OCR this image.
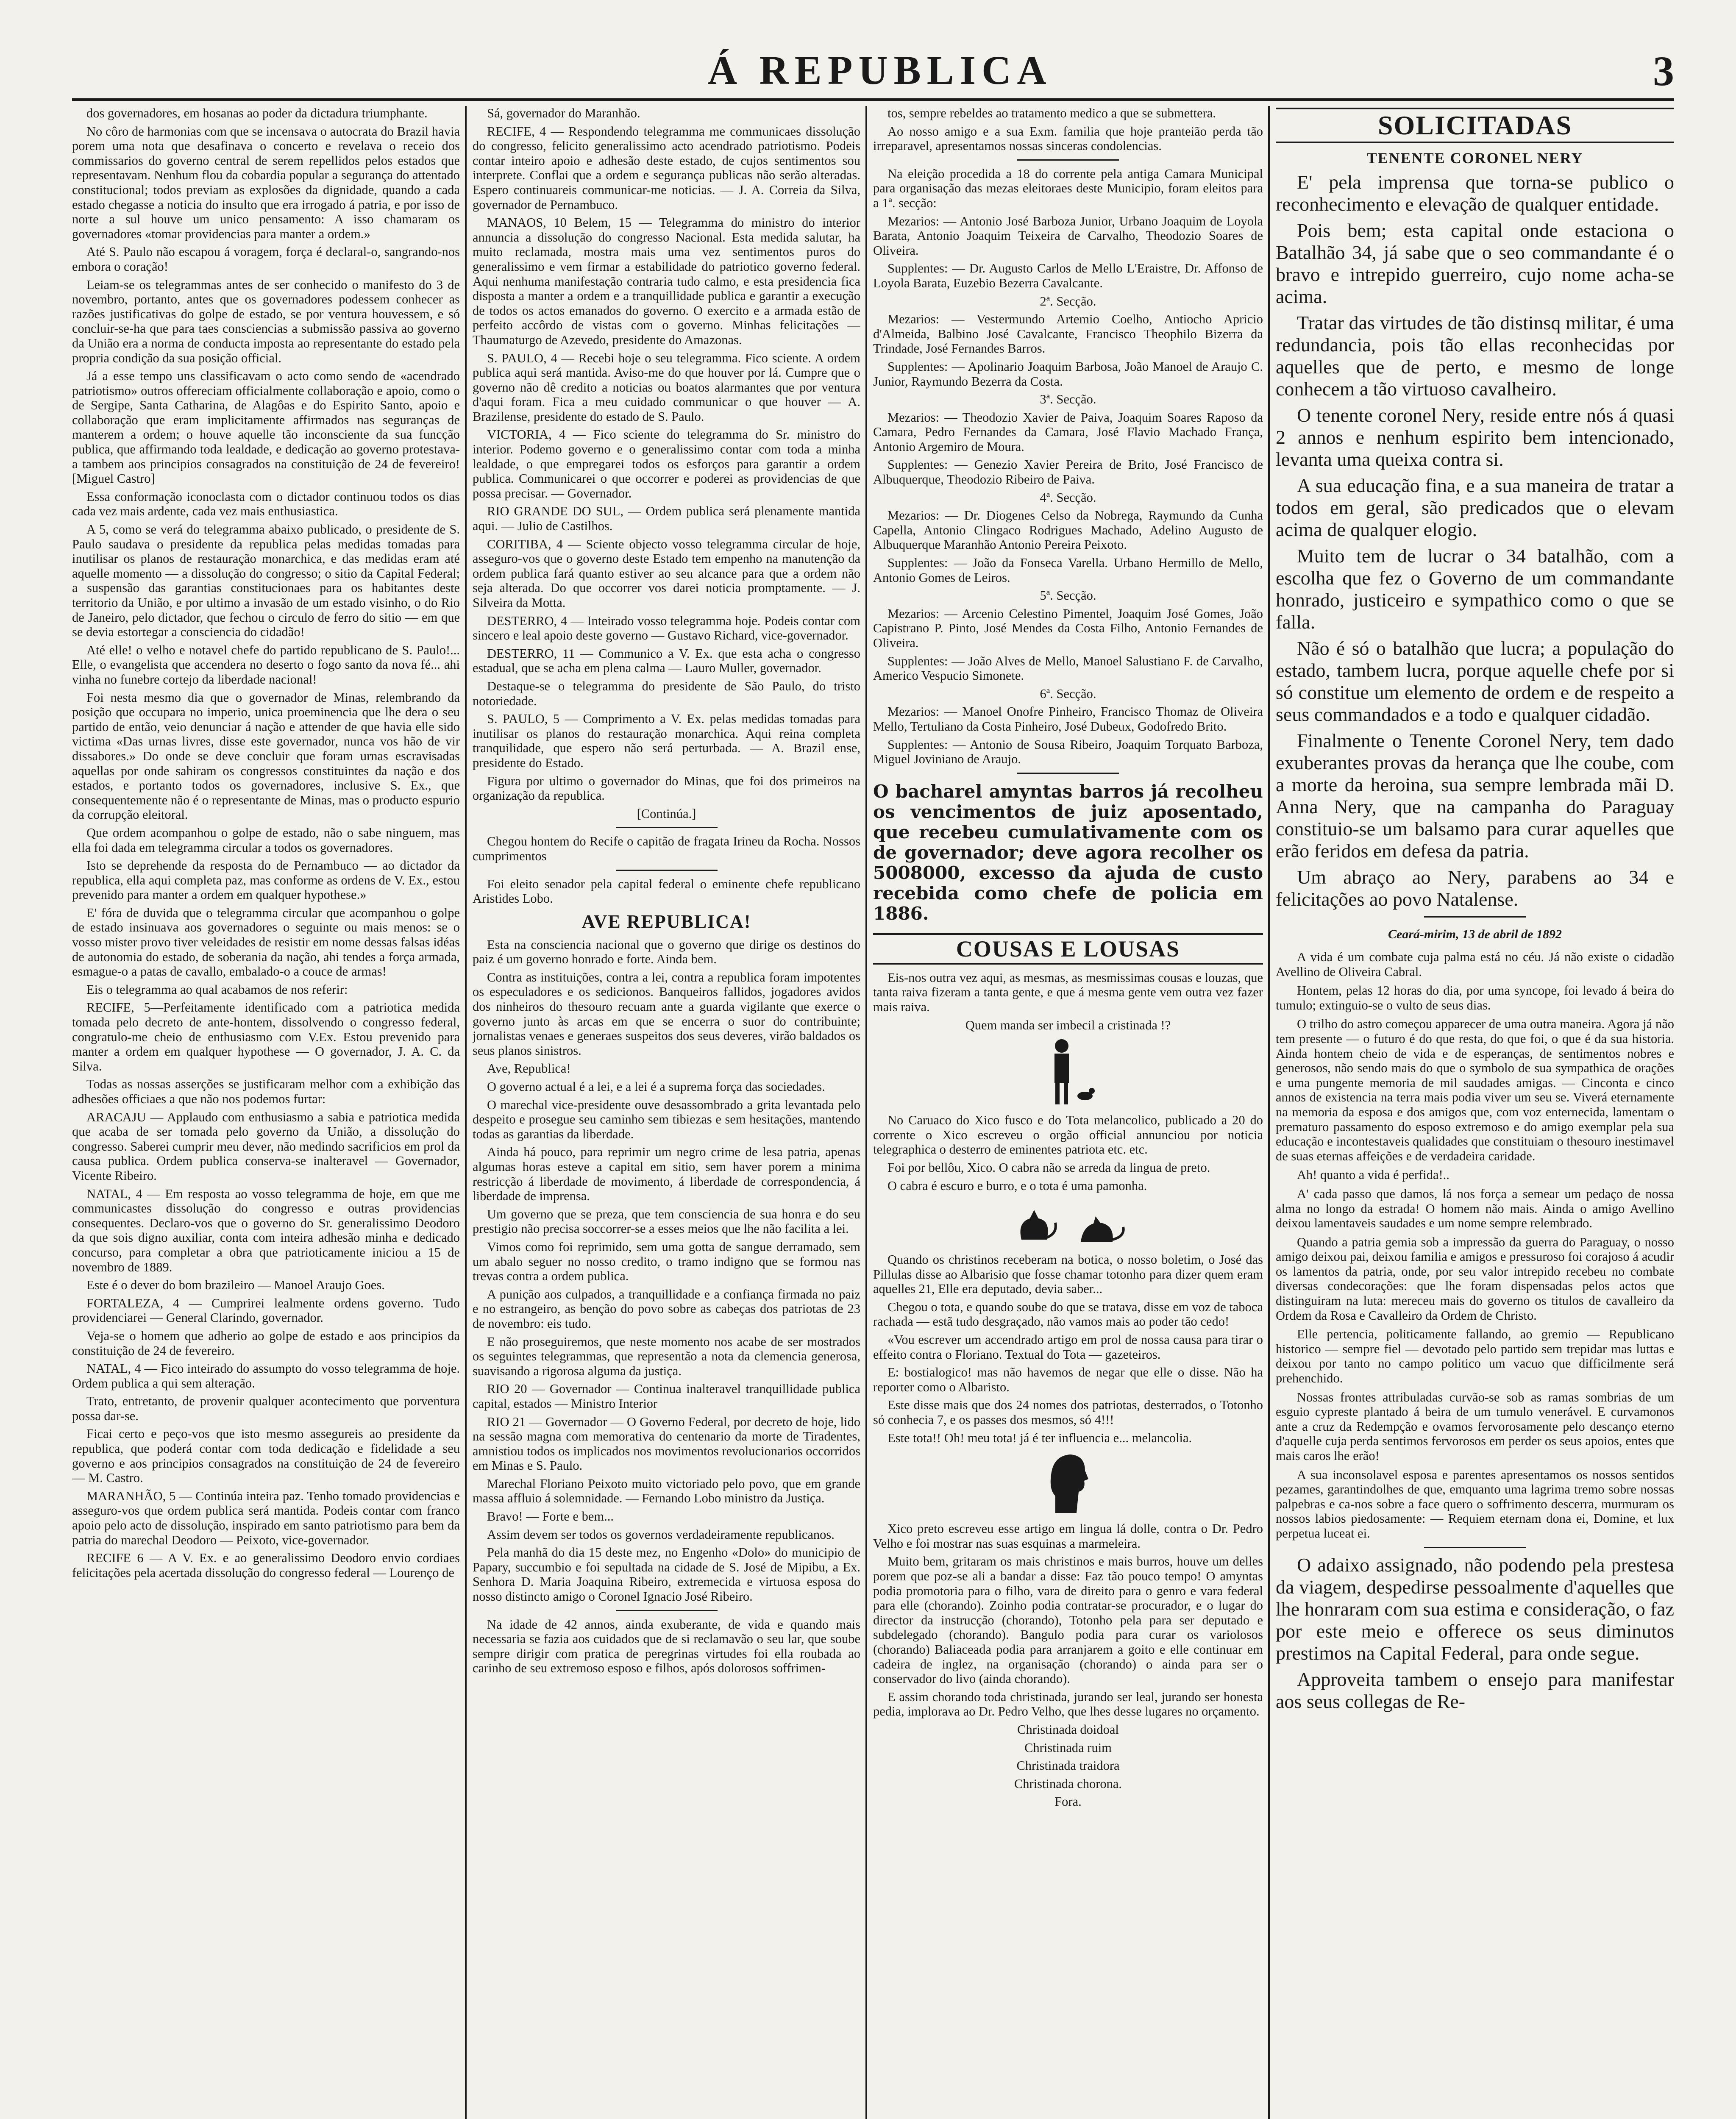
Á REPUBLICA	3

dos governadores, em hosanas ao poder da dictadura triumphante.

No côro de harmonias com que se incensava o autocrata do Brazil havia porem uma nota que desafinava o concerto e revelava o receio dos commissarios do governo central de serem repellidos pelos estados que representavam. Nenhum flou da cobardia popular a segurança do attentado constitucional; todos previam as explosões da dignidade, quando a cada estado chegasse a noticia do insulto que era irrogado á patria, e por isso de norte a sul houve um unico pensamento: A isso chamaram os governadores «tomar providencias para manter a ordem.»

Até S. Paulo não escapou á voragem, força é declaral-o, sangrando-nos embora o coração!

Leiam-se os telegrammas antes de ser conhecido o manifesto do 3 de novembro, portanto, antes que os governadores podessem conhecer as razões justificativas do golpe de estado, se por ventura houvessem, e só concluir-se-ha que para taes consciencias a submissão passiva ao governo da União era a norma de conducta imposta ao representante do estado pela propria condição da sua posição official.

Já a esse tempo uns classificavam o acto como sendo de «acendrado patriotismo» outros offereciam officialmente collaboração e apoio, como o de Sergipe, Santa Catharina, de Alagôas e do Espirito Santo, apoio e collaboração que eram implicitamente affirmados nas seguranças de manterem a ordem; o houve aquelle tão inconsciente da sua funcção publica, que affirmando toda lealdade, e dedicação ao governo protestava-a tambem aos principios consagrados na constituição de 24 de fevereiro! [Miguel Castro]

Essa conformação iconoclasta com o dictador continuou todos os dias cada vez mais ardente, cada vez mais enthusiastica.

A 5, como se verá do telegramma abaixo publicado, o presidente de S. Paulo saudava o presidente da republica pelas medidas tomadas para inutilisar os planos de restauração monarchica, e das medidas eram até aquelle momento — a dissolução do congresso; o sitio da Capital Federal; a suspensão das garantias constitucionaes para os habitantes deste territorio da União, e por ultimo a invasão de um estado visinho, o do Rio de Janeiro, pelo dictador, que fechou o circulo de ferro do sitio — em que se devia estortegar a consciencia do cidadão!

Até elle! o velho e notavel chefe do partido republicano de S. Paulo!... Elle, o evangelista que accendera no deserto o fogo santo da nova fé... ahi vinha no funebre cortejo da liberdade nacional!

Foi nesta mesmo dia que o governador de Minas, relembrando da posição que occupara no imperio, unica proeminencia que lhe dera o seu partido de então, veio denunciar á nação e attender de que havia elle sido victima «Das urnas livres, disse este governador, nunca vos hão de vir dissabores.» Do onde se deve concluir que foram urnas escravisadas aquellas por onde sahiram os congressos constituintes da nação e dos estados, e portanto todos os governadores, inclusive S. Ex., que consequentemente não é o representante de Minas, mas o producto espurio da corrupção eleitoral.

Que ordem acompanhou o golpe de estado, não o sabe ninguem, mas ella foi dada em telegramma circular a todos os governadores.

Isto se deprehende da resposta do de Pernambuco — ao dictador da republica, ella aqui completa paz, mas conforme as ordens de V. Ex., estou prevenido para manter a ordem em qualquer hypothese.»

E' fóra de duvida que o telegramma circular que acompanhou o golpe de estado insinuava aos governadores o seguinte ou mais menos: se o vosso mister provo tiver veleidades de resistir em nome dessas falsas idéas de autonomia do estado, de soberania da nação, ahi tendes a força armada, esmague-o a patas de cavallo, embalado-o a couce de armas!

Eis o telegramma ao qual acabamos de nos referir:

RECIFE, 5—Perfeitamente identificado com a patriotica medida tomada pelo decreto de ante-hontem, dissolvendo o congresso federal, congratulo-me cheio de enthusiasmo com V.Ex. Estou prevenido para manter a ordem em qualquer hypothese — O governador, J. A. C. da Silva.

Todas as nossas asserções se justificaram melhor com a exhibição das adhesões officiaes a que não nos podemos furtar:

ARACAJU — Applaudo com enthusiasmo a sabia e patriotica medida que acaba de ser tomada pelo governo da União, a dissolução do congresso. Saberei cumprir meu dever, não medindo sacrificios em prol da causa publica. Ordem publica conserva-se inalteravel — Governador, Vicente Ribeiro.

NATAL, 4 — Em resposta ao vosso telegramma de hoje, em que me communicastes dissolução do congresso e outras providencias consequentes. Declaro-vos que o governo do Sr. generalissimo Deodoro da que sois digno auxiliar, conta com inteira adhesão minha e dedicado concurso, para completar a obra que patrioticamente iniciou a 15 de novembro de 1889.

Este é o dever do bom brazileiro — Manoel Araujo Goes.

FORTALEZA, 4 — Cumprirei lealmente ordens governo. Tudo providenciarei — General Clarindo, governador.

Veja-se o homem que adherio ao golpe de estado e aos principios da constituição de 24 de fevereiro.

NATAL, 4 — Fico inteirado do assumpto do vosso telegramma de hoje. Ordem publica a qui sem alteração.

Trato, entretanto, de provenir qualquer acontecimento que porventura possa dar-se.

Ficai certo e peço-vos que isto mesmo assegureis ao presidente da republica, que poderá contar com toda dedicação e fidelidade a seu governo e aos principios consagrados na constituição de 24 de fevereiro — M. Castro.

MARANHÃO, 5 — Continúa inteira paz. Tenho tomado providencias e asseguro-vos que ordem publica será mantida. Podeis contar com franco apoio pelo acto de dissolução, inspirado em santo patriotismo para bem da patria do marechal Deodoro — Peixoto, vice-governador.

RECIFE 6 — A V. Ex. e ao generalissimo Deodoro envio cordiaes felicitações pela acertada dissolução do congresso federal — Lourenço de

Sá, governador do Maranhão.

RECIFE, 4 — Respondendo telegramma me communicaes dissolução do congresso, felicito generalissimo acto acendrado patriotismo. Podeis contar inteiro apoio e adhesão deste estado, de cujos sentimentos sou interprete. Conflai que a ordem e segurança publicas não serão alteradas. Espero continuareis communicar-me noticias. — J. A. Correia da Silva, governador de Pernambuco.

MANAOS, 10 Belem, 15 — Telegramma do ministro do interior annuncia a dissolução do congresso Nacional. Esta medida salutar, ha muito reclamada, mostra mais uma vez sentimentos puros do generalissimo e vem firmar a estabilidade do patriotico governo federal. Aqui nenhuma manifestação contraria tudo calmo, e esta presidencia fica disposta a manter a ordem e a tranquillidade publica e garantir a execução de todos os actos emanados do governo. O exercito e a armada estão de perfeito accôrdo de vistas com o governo. Minhas felicitações — Thaumaturgo de Azevedo, presidente do Amazonas.

S. PAULO, 4 — Recebi hoje o seu telegramma. Fico sciente. A ordem publica aqui será mantida. Aviso-me do que houver por lá. Cumpre que o governo não dê credito a noticias ou boatos alarmantes que por ventura d'aqui foram. Fica a meu cuidado communicar o que houver — A. Brazilense, presidente do estado de S. Paulo.

VICTORIA, 4 — Fico sciente do telegramma do Sr. ministro do interior. Podemo governo e o generalissimo contar com toda a minha lealdade, o que empregarei todos os esforços para garantir a ordem publica. Communicarei o que occorrer e poderei as providencias de que possa precisar. — Governador.

RIO GRANDE DO SUL, — Ordem publica será plenamente mantida aqui. — Julio de Castilhos.

CORITIBA, 4 — Sciente objecto vosso telegramma circular de hoje, asseguro-vos que o governo deste Estado tem empenho na manutenção da ordem publica fará quanto estiver ao seu alcance para que a ordem não seja alterada. Do que occorrer vos darei noticia promptamente. — J. Silveira da Motta.

DESTERRO, 4 — Inteirado vosso telegramma hoje. Podeis contar com sincero e leal apoio deste governo — Gustavo Richard, vice-governador.

DESTERRO, 11 — Communico a V. Ex. que esta acha o congresso estadual, que se acha em plena calma — Lauro Muller, governador.

Destaque-se o telegramma do presidente de São Paulo, do tristo notoriedade.

S. PAULO, 5 — Comprimento a V. Ex. pelas medidas tomadas para inutilisar os planos do restauração monarchica. Aqui reina completa tranquilidade, que espero não será perturbada. — A. Brazil ense, presidente do Estado.

Figura por ultimo o governador do Minas, que foi dos primeiros na organização da republica.

[Continúa.]

Chegou hontem do Recife o capitão de fragata Irineu da Rocha. Nossos cumprimentos

Foi eleito senador pela capital federal o eminente chefe republicano Aristides Lobo.

AVE REPUBLICA!

Esta na consciencia nacional que o governo que dirige os destinos do paiz é um governo honrado e forte. Ainda bem.

Contra as instituições, contra a lei, contra a republica foram impotentes os especuladores e os sedicionos. Banqueiros fallidos, jogadores avidos dos ninheiros do thesouro recuam ante a guarda vigilante que exerce o governo junto às arcas em que se encerra o suor do contribuinte; jornalistas venaes e generaes suspeitos dos seus deveres, virão baldados os seus planos sinistros.

Ave, Republica!

O governo actual é a lei, e a lei é a suprema força das sociedades.

O marechal vice-presidente ouve desassombrado a grita levantada pelo despeito e prosegue seu caminho sem tibiezas e sem hesitações, mantendo todas as garantias da liberdade.

Ainda há pouco, para reprimir um negro crime de lesa patria, apenas algumas horas esteve a capital em sitio, sem haver porem a minima restricção á liberdade de movimento, á liberdade de correspondencia, á liberdade de imprensa.

Um governo que se preza, que tem consciencia de sua honra e do seu prestigio não precisa soccorrer-se a esses meios que lhe não facilita a lei.

Vimos como foi reprimido, sem uma gotta de sangue derramado, sem um abalo seguer no nosso credito, o tramo indigno que se formou nas trevas contra a ordem publica.

A punição aos culpados, a tranquillidade e a confiança firmada no paiz e no estrangeiro, as benção do povo sobre as cabeças dos patriotas de 23 de novembro: eis tudo.

E não proseguiremos, que neste momento nos acabe de ser mostrados os seguintes telegrammas, que representão a nota da clemencia generosa, suavisando a rigorosa alguma da justiça.

RIO 20 — Governador — Continua inalteravel tranquillidade publica capital, estados — Ministro Interior

RIO 21 — Governador — O Governo Federal, por decreto de hoje, lido na sessão magna com memorativa do centenario da morte de Tiradentes, amnistiou todos os implicados nos movimentos revolucionarios occorridos em Minas e S. Paulo.

Marechal Floriano Peixoto muito victoriado pelo povo, que em grande massa affluio á solemnidade. — Fernando Lobo ministro da Justiça.

Bravo! — Forte e bem...

Assim devem ser todos os governos verdadeiramente republicanos.

Pela manhã do dia 15 deste mez, no Engenho «Dolo» do municipio de Papary, succumbio e foi sepultada na cidade de S. José de Mipibu, a Ex. Senhora D. Maria Joaquina Ribeiro, extremecida e virtuosa esposa do nosso distincto amigo o Coronel Ignacio José Ribeiro.

Na idade de 42 annos, ainda exuberante, de vida e quando mais necessaria se fazia aos cuidados que de si reclamavão o seu lar, que soube sempre dirigir com pratica de peregrinas virtudes foi ella roubada ao carinho de seu extremoso esposo e filhos, após dolorosos soffrimen-

tos, sempre rebeldes ao tratamento medico a que se submettera.

Ao nosso amigo e a sua Exm. familia que hoje pranteião perda tão irreparavel, apresentamos nossas sinceras condolencias.

Na eleição procedida a 18 do corrente pela antiga Camara Municipal para organisação das mezas eleitoraes deste Municipio, foram eleitos para a 1ª. secção:

Mezarios: — Antonio José Barboza Junior, Urbano Joaquim de Loyola Barata, Antonio Joaquim Teixeira de Carvalho, Theodozio Soares de Oliveira.

Supplentes: — Dr. Augusto Carlos de Mello L'Eraistre, Dr. Affonso de Loyola Barata, Euzebio Bezerra Cavalcante.

2ª. Secção.

Mezarios: — Vestermundo Artemio Coelho, Antiocho Apricio d'Almeida, Balbino José Cavalcante, Francisco Theophilo Bizerra da Trindade, José Fernandes Barros.

Supplentes: — Apolinario Joaquim Barbosa, João Manoel de Araujo C. Junior, Raymundo Bezerra da Costa.

3ª. Secção.

Mezarios: — Theodozio Xavier de Paiva, Joaquim Soares Raposo da Camara, Pedro Fernandes da Camara, José Flavio Machado França, Antonio Argemiro de Moura.

Supplentes: — Genezio Xavier Pereira de Brito, José Francisco de Albuquerque, Theodozio Ribeiro de Paiva.

4ª. Secção.

Mezarios: — Dr. Diogenes Celso da Nobrega, Raymundo da Cunha Capella, Antonio Clingaco Rodrigues Machado, Adelino Augusto de Albuquerque Maranhão Antonio Pereira Peixoto.

Supplentes: — João da Fonseca Varella. Urbano Hermillo de Mello, Antonio Gomes de Leiros.

5ª. Secção.

Mezarios: — Arcenio Celestino Pimentel, Joaquim José Gomes, João Capistrano P. Pinto, José Mendes da Costa Filho, Antonio Fernandes de Oliveira.

Supplentes: — João Alves de Mello, Manoel Salustiano F. de Carvalho, Americo Vespucio Simonete.

6ª. Secção.

Mezarios: — Manoel Onofre Pinheiro, Francisco Thomaz de Oliveira Mello, Tertuliano da Costa Pinheiro, José Dubeux, Godofredo Brito.

Supplentes: — Antonio de Sousa Ribeiro, Joaquim Torquato Barboza, Miguel Joviniano de Araujo.

O bacharel amyntas barros já recolheu os vencimentos de juiz aposentado, que recebeu cumulativamente com os de governador; deve agora recolher os 5008000, excesso da ajuda de custo recebida como chefe de policia em 1886.
COUSAS E LOUSAS

Eis-nos outra vez aqui, as mesmas, as mesmissimas cousas e louzas, que tanta raiva fizeram a tanta gente, e que á mesma gente vem outra vez fazer mais raiva.

Quem manda ser imbecil a cristinada !?

No Caruaco do Xico fusco e do Tota melancolico, publicado a 20 do corrente o Xico escreveu o orgão official annunciou por noticia telegraphica o desterro de eminentes patriota etc. etc.

Foi por bellôu, Xico. O cabra não se arreda da lingua de preto.

O cabra é escuro e burro, e o tota é uma pamonha.

Quando os christinos receberam na botica, o nosso boletim, o José das Pillulas disse ao Albarisio que fosse chamar totonho para dizer quem eram aquelles 21, Elle era deputado, devia saber...

Chegou o tota, e quando soube do que se tratava, disse em voz de taboca rachada — estã tudo desgraçado, não vamos mais ao poder tão cedo!

«Vou escrever um accendrado artigo em prol de nossa causa para tirar o effeito contra o Floriano. Textual do Tota — gazeteiros.

E: bostialogico! mas não havemos de negar que elle o disse. Não ha reporter como o Albaristo.

Este disse mais que dos 24 nomes dos patriotas, desterrados, o Totonho só conhecia 7, e os passes dos mesmos, só 4!!!

Este tota!! Oh! meu tota! já é ter influencia e... melancolia.

Xico preto escreveu esse artigo em lingua lá dolle, contra o Dr. Pedro Velho e foi mostrar nas suas esquinas a marmeleira.

Muito bem, gritaram os mais christinos e mais burros, houve um delles porem que poz-se ali a bandar a disse: Faz tão pouco tempo! O amyntas podia promotoria para o filho, vara de direito para o genro e vara federal para elle (chorando). Zoinho podia contratar-se procurador, e o lugar do director da instrucção (chorando), Totonho pela para ser deputado e subdelegado (chorando). Bangulo podia para curar os variolosos (chorando) Baliaceada podia para arranjarem a goito e elle continuar em cadeira de inglez, na organisação (chorando) o ainda para ser o conservador do livo (ainda chorando).

E assim chorando toda christinada, jurando ser leal, jurando ser honesta pedia, implorava ao Dr. Pedro Velho, que lhes desse lugares no orçamento.

Christinada doidoal

Christinada ruim

Christinada traidora

Christinada chorona.

Fora.

SOLICITADAS
TENENTE CORONEL NERY

E' pela imprensa que torna-se publico o reconhecimento e elevação de qualquer entidade.

Pois bem; esta capital onde estaciona o Batalhão 34, já sabe que o seo commandante é o bravo e intrepido guerreiro, cujo nome acha-se acima.

Tratar das virtudes de tão distinsq militar, é uma redundancia, pois tão ellas reconhecidas por aquelles que de perto, e mesmo de longe conhecem a tão virtuoso cavalheiro.

O tenente coronel Nery, reside entre nós á quasi 2 annos e nenhum espirito bem intencionado, levanta uma queixa contra si.

A sua educação fina, e a sua maneira de tratar a todos em geral, são predicados que o elevam acima de qualquer elogio.

Muito tem de lucrar o 34 batalhão, com a escolha que fez o Governo de um commandante honrado, justiceiro e sympathico como o que se falla.

Não é só o batalhão que lucra; a população do estado, tambem lucra, porque aquelle chefe por si só constitue um elemento de ordem e de respeito a seus commandados e a todo e qualquer cidadão.

Finalmente o Tenente Coronel Nery, tem dado exuberantes provas da herança que lhe coube, com a morte da heroina, sua sempre lembrada mãi D. Anna Nery, que na campanha do Paraguay constituio-se um balsamo para curar aquelles que erão feridos em defesa da patria.

Um abraço ao Nery, parabens ao 34 e felicitações ao povo Natalense.

Ceará-mirim, 13 de abril de 1892

A vida é um combate cuja palma está no céu. Já não existe o cidadão Avellino de Oliveira Cabral.

Hontem, pelas 12 horas do dia, por uma syncope, foi levado á beira do tumulo; extinguio-se o vulto de seus dias.

O trilho do astro começou apparecer de uma outra maneira. Agora já não tem presente — o futuro é do que resta, do que foi, o que é da sua historia. Ainda hontem cheio de vida e de esperanças, de sentimentos nobres e generosos, não sendo mais do que o symbolo de sua sympathica de orações e uma pungente memoria de mil saudades amigas. — Cinconta e cinco annos de existencia na terra mais podia viver um seu se. Viverá eternamente na memoria da esposa e dos amigos que, com voz enternecida, lamentam o prematuro passamento do esposo extremoso e do amigo exemplar pela sua educação e incontestaveis qualidades que constituiam o thesouro inestimavel de suas eternas affeições e de verdadeira caridade.

Ah! quanto a vida é perfida!..

A' cada passo que damos, lá nos força a semear um pedaço de nossa alma no longo da estrada! O homem não mais. Ainda o amigo Avellino deixou lamentaveis saudades e um nome sempre relembrado.

Quando a patria gemia sob a impressão da guerra do Paraguay, o nosso amigo deixou pai, deixou familia e amigos e pressuroso foi corajoso á acudir os lamentos da patria, onde, por seu valor intrepido recebeu no combate diversas condecorações: que lhe foram dispensadas pelos actos que distinguiram na luta: mereceu mais do governo os titulos de cavalleiro da Ordem da Rosa e Cavalleiro da Ordem de Christo.

Elle pertencia, politicamente fallando, ao gremio — Republicano historico — sempre fiel — devotado pelo partido sem trepidar mas luttas e deixou por tanto no campo politico um vacuo que difficilmente será prehenchido.

Nossas frontes attribuladas curvão-se sob as ramas sombrias de um esguio cypreste plantado á beira de um tumulo venerável. E curvamonos ante a cruz da Redempção e ovamos fervorosamente pelo descanço eterno d'aquelle cuja perda sentimos fervorosos em perder os seus apoios, entes que mais caros lhe erão!

A sua inconsolavel esposa e parentes apresentamos os nossos sentidos pezames, garantindolhes de que, emquanto uma lagrima tremo sobre nossas palpebras e ca-nos sobre a face quero o soffrimento descerra, murmuram os nossos labios piedosamente: — Requiem eternam dona ei, Domine, et lux perpetua luceat ei.

O adaixo assignado, não podendo pela prestesa da viagem, despedirse pessoalmente d'aquelles que lhe honraram com sua estima e consideração, o faz por este meio e offerece os seus diminutos prestimos na Capital Federal, para onde segue.

Approveita tambem o ensejo para manifestar aos seus collegas de Re-
